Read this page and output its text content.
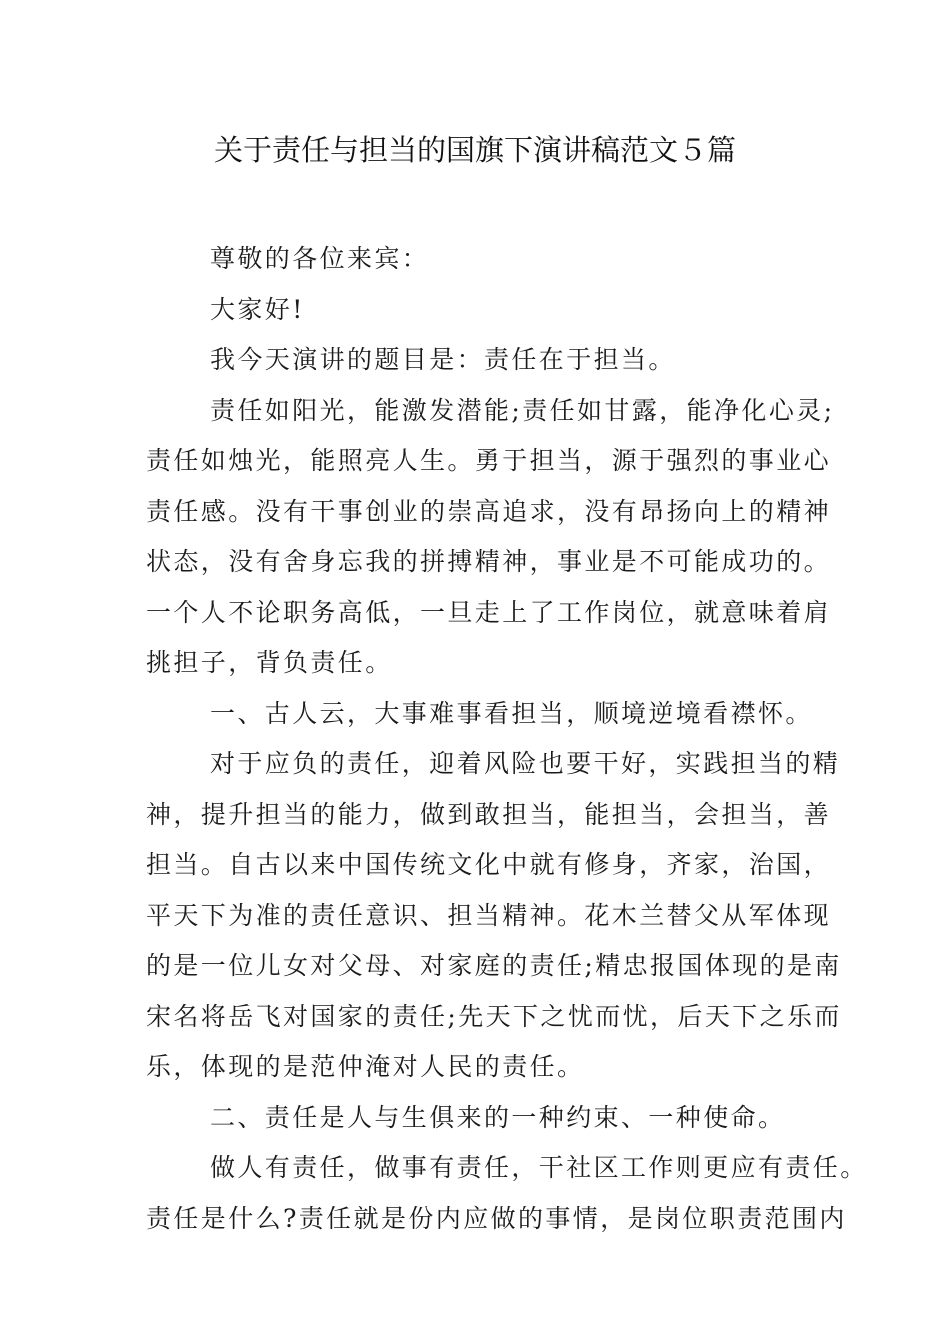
关于责任与担当的国旗下演讲稿范文５篇

尊敬的各位来宾：

大家好!

我今天演讲的题目是：责任在于担当。

责任如阳光，能激发潜能;责任如甘露，能净化心灵;

责任如烛光，能照亮人生。勇于担当，源于强烈的事业心

责任感。没有干事创业的崇高追求，没有昂扬向上的精神

状态，没有舍身忘我的拼搏精神，事业是不可能成功的。

一个人不论职务高低，一旦走上了工作岗位，就意味着肩

挑担子，背负责任。

一、古人云，大事难事看担当，顺境逆境看襟怀。

对于应负的责任，迎着风险也要干好，实践担当的精

神，提升担当的能力，做到敢担当，能担当，会担当，善

担当。自古以来中国传统文化中就有修身，齐家，治国，

平天下为准的责任意识、担当精神。花木兰替父从军体现

的是一位儿女对父母、对家庭的责任;精忠报国体现的是南

宋名将岳飞对国家的责任;先天下之忧而忧，后天下之乐而

乐，体现的是范仲淹对人民的责任。

二、责任是人与生俱来的一种约束、一种使命。

做人有责任，做事有责任，干社区工作则更应有责任。

责任是什么?责任就是份内应做的事情，是岗位职责范围内
